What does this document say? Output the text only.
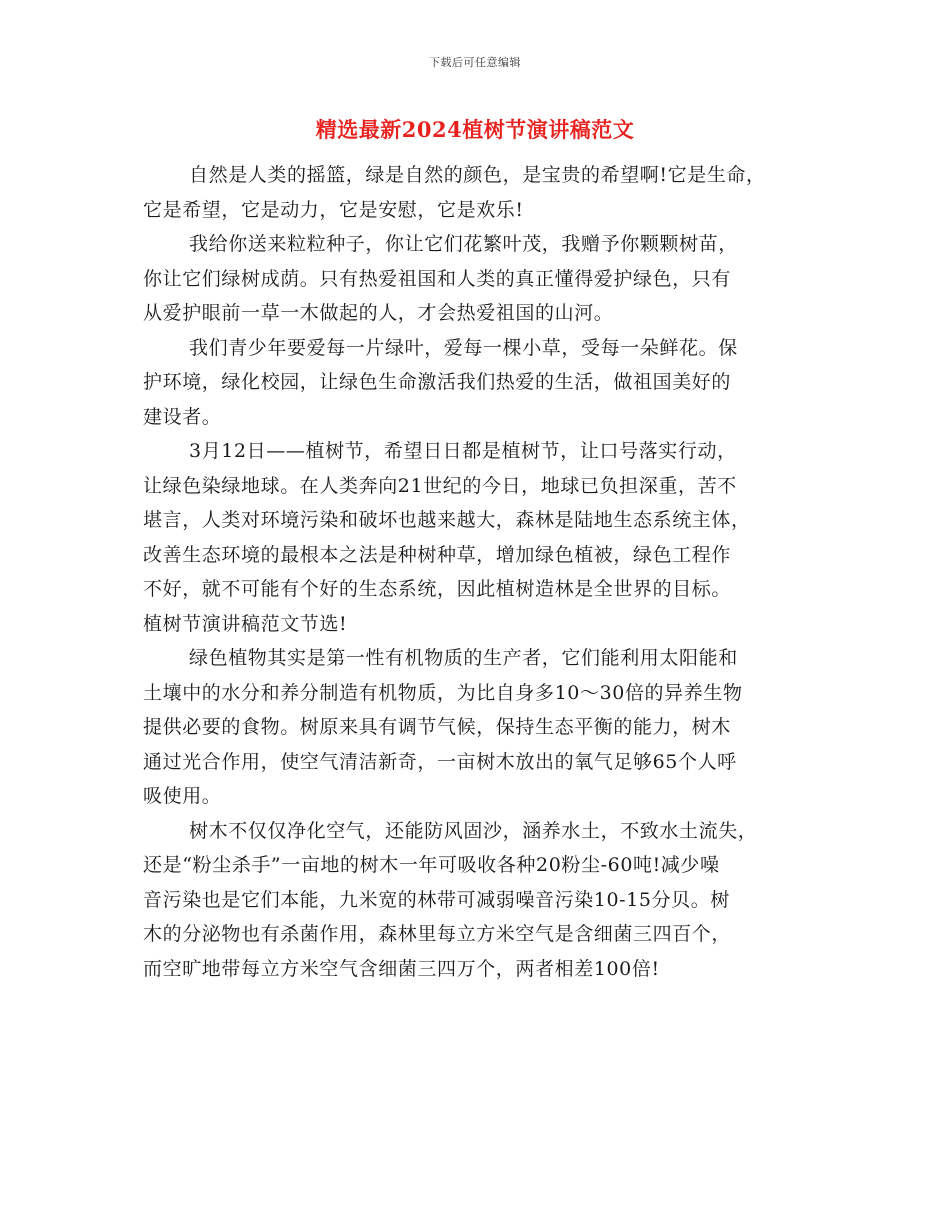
下载后可任意编辑
精选最新2024植树节演讲稿范文

自然是人类的摇篮，绿是自然的颜色，是宝贵的希望啊!它是生命，
它是希望，它是动力，它是安慰，它是欢乐!

我给你送来粒粒种子，你让它们花繁叶茂，我赠予你颗颗树苗，
你让它们绿树成荫。只有热爱祖国和人类的真正懂得爱护绿色，只有
从爱护眼前一草一木做起的人，才会热爱祖国的山河。

我们青少年要爱每一片绿叶，爱每一棵小草，受每一朵鲜花。保
护环境，绿化校园，让绿色生命激活我们热爱的生活，做祖国美好的
建设者。

3月12日——植树节，希望日日都是植树节，让口号落实行动，
让绿色染绿地球。在人类奔向21世纪的今日，地球已负担深重，苦不
堪言，人类对环境污染和破坏也越来越大，森林是陆地生态系统主体，
改善生态环境的最根本之法是种树种草，增加绿色植被，绿色工程作
不好，就不可能有个好的生态系统，因此植树造林是全世界的目标。
植树节演讲稿范文节选!

绿色植物其实是第一性有机物质的生产者，它们能利用太阳能和
土壤中的水分和养分制造有机物质，为比自身多10～30倍的异养生物
提供必要的食物。树原来具有调节气候，保持生态平衡的能力，树木
通过光合作用，使空气清洁新奇，一亩树木放出的氧气足够65个人呼
吸使用。

树木不仅仅净化空气，还能防风固沙，涵养水土，不致水土流失，
还是“粉尘杀手”一亩地的树木一年可吸收各种20粉尘-60吨!减少噪
音污染也是它们本能，九米宽的林带可减弱噪音污染10-15分贝。树
木的分泌物也有杀菌作用，森林里每立方米空气是含细菌三四百个，
而空旷地带每立方米空气含细菌三四万个，两者相差100倍!
